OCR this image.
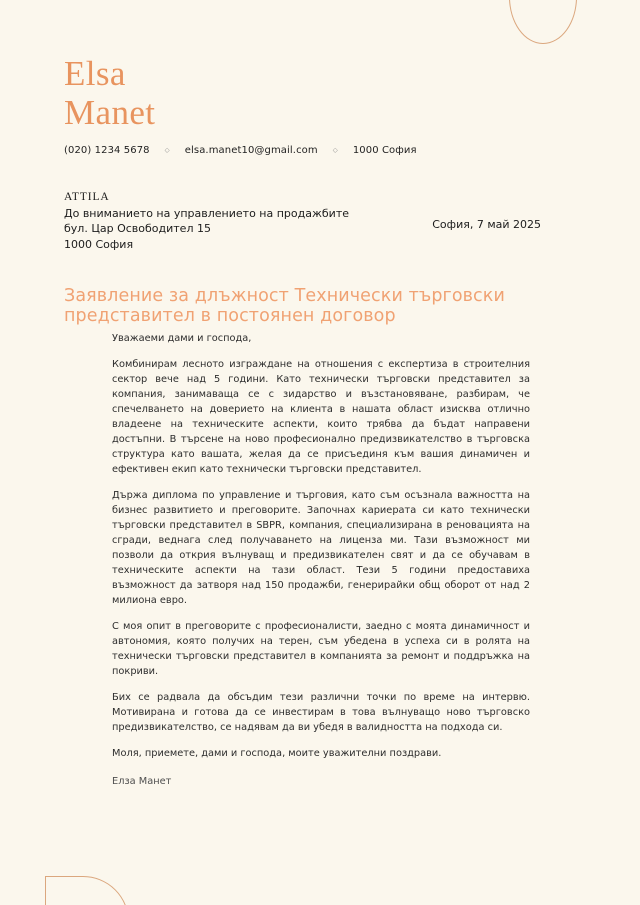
Elsa
Manet
(020) 1234 5678 ◇ elsa.manet10@gmail.com ◇ 1000 София
ATTILA
До вниманието на управлението на продажбите
бул. Цар Освободител 15
1000 София
София, 7 май 2025
Заявление за длъжност Технически търговски представител в постоянен договор

Уважаеми дами и господа,

Комбинирам лесното изграждане на отношения с експертиза в строителния сектор вече над 5 години. Като технически търговски представител за компания, занимаваща се с зидарство и възстановяване, разбирам, че спечелването на доверието на клиента в нашата област изисква отлично владеене на техническите аспекти, които трябва да бъдат направени достъпни. В търсене на ново професионално предизвикателство в търговска структура като вашата, желая да се присъединя към вашия динамичен и ефективен екип като технически търговски представител.

Държа диплома по управление и търговия, като съм осъзнала важността на бизнес развитието и преговорите. Започнах кариерата си като технически търговски представител в SBPR, компания, специализирана в реновацията на сгради, веднага след получаването на лиценза ми. Тази възможност ми позволи да открия вълнуващ и предизвикателен свят и да се обучавам в техническите аспекти на тази област. Тези 5 години предоставиха възможност да затворя над 150 продажби, генерирайки общ оборот от над 2 милиона евро.

С моя опит в преговорите с професионалисти, заедно с моята динамичност и автономия, която получих на терен, съм убедена в успеха си в ролята на технически търговски представител в компанията за ремонт и поддръжка на покриви.

Бих се радвала да обсъдим тези различни точки по време на интервю. Мотивирана и готова да се инвестирам в това вълнуващо ново търговско предизвикателство, се надявам да ви убедя в валидността на подхода си.

Моля, приемете, дами и господа, моите уважителни поздрави.

Елза Манет
